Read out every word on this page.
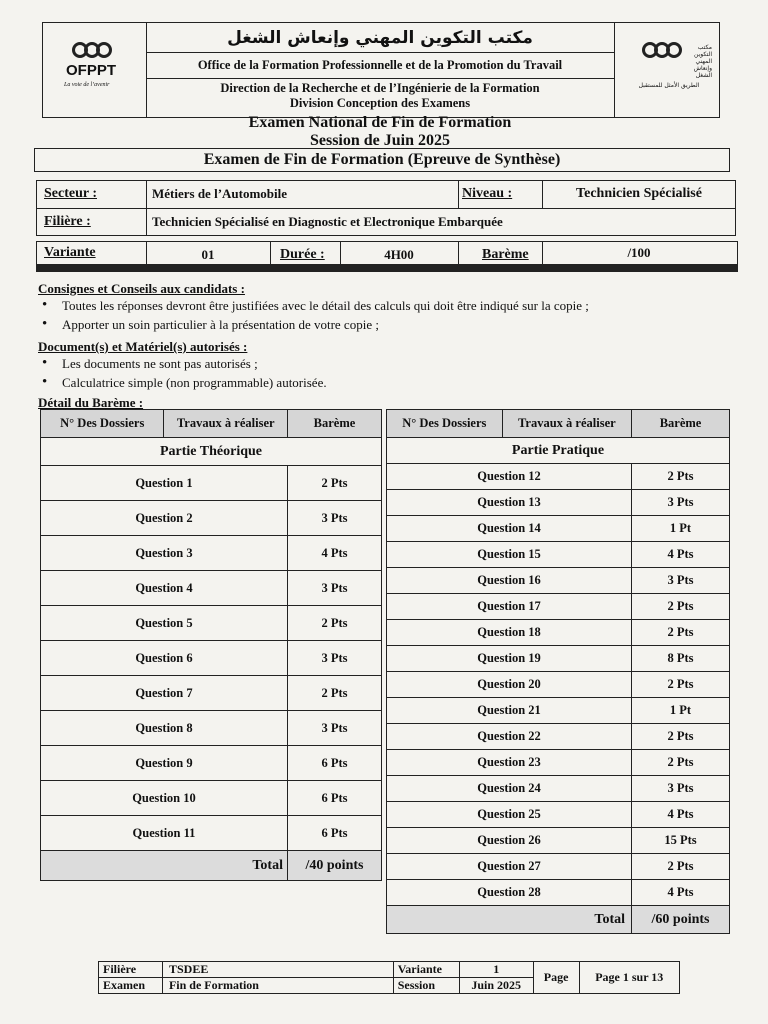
OFPPT
La voie de l’avenir
مكتب التكوين المهني وإنعاش الشغل
الطريق الأمثل للمستقبل
مكتب التكوين المهني وإنعاش الشغل
Office de la Formation Professionnelle et de la Promotion du Travail
Direction de la Recherche et de l’Ingénierie de la Formation
Division Conception des Examens
Examen National de Fin de Formation
Session de Juin 2025
Examen de Fin de Formation (Epreuve de Synthèse)
Secteur :	Métiers de l’Automobile	Niveau :	Technicien Spécialisé
Filière :	Technicien Spécialisé en Diagnostic et Electronique Embarquée
Variante	01	Durée :	4H00	Barème	/100
Consignes et Conseils aux candidats :
• Toutes les réponses devront être justifiées avec le détail des calculs qui doit être indiqué sur la copie ;
• Apporter un soin particulier à la présentation de votre copie ;
Document(s) et Matériel(s) autorisés :
• Les documents ne sont pas autorisés ;
• Calculatrice simple (non programmable) autorisée.
Détail du Barème :
N° Des Dossiers	Travaux à réaliser	Barème
Partie Théorique		
Question 1		2 Pts
Question 2		3 Pts
Question 3		4 Pts
Question 4		3 Pts
Question 5		2 Pts
Question 6		3 Pts
Question 7		2 Pts
Question 8		3 Pts
Question 9		6 Pts
Question 10		6 Pts
Question 11		6 Pts
Total		/40 points
N° Des Dossiers	Travaux à réaliser	Barème
Partie Pratique		
Question 12		2 Pts
Question 13		3 Pts
Question 14		1 Pt
Question 15		4 Pts
Question 16		3 Pts
Question 17		2 Pts
Question 18		2 Pts
Question 19		8 Pts
Question 20		2 Pts
Question 21		1 Pt
Question 22		2 Pts
Question 23		2 Pts
Question 24		3 Pts
Question 25		4 Pts
Question 26		15 Pts
Question 27		2 Pts
Question 28		4 Pts
Total		/60 points
Filière	TSDEE	Variante	1	Page	Page 1 sur 13
Examen	Fin de Formation	Session	Juin 2025		
